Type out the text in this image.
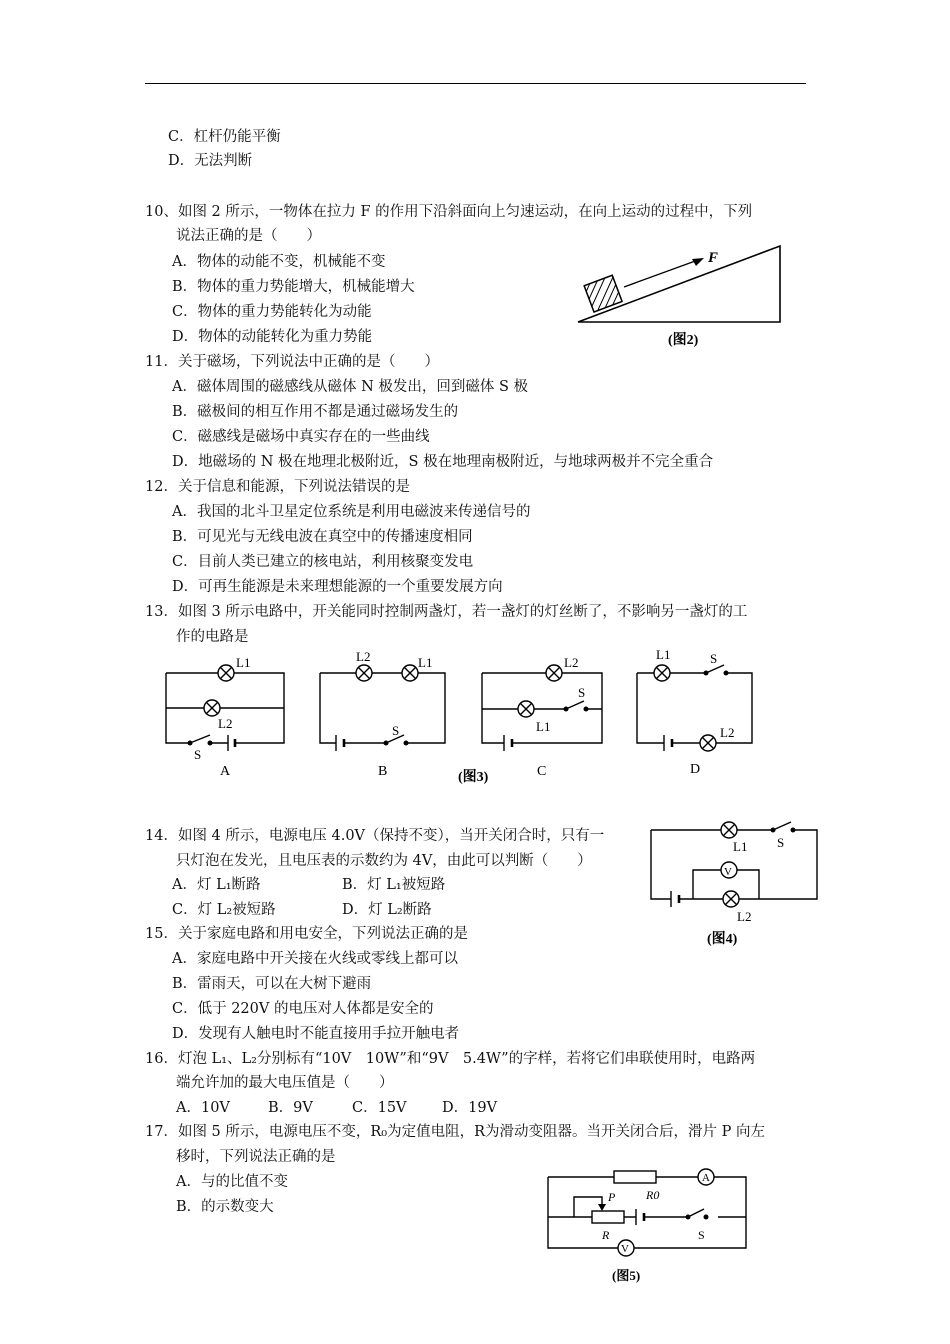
C．杠杆仍能平衡
D．无法判断
10、如图 2 所示，一物体在拉力 F 的作用下沿斜面向上匀速运动，在向上运动的过程中，下列
说法正确的是（　　）
A．物体的动能不变，机械能不变
B．物体的重力势能增大，机械能增大
C．物体的重力势能转化为动能
D．物体的动能转化为重力势能
F
(图2)
11．关于磁场，下列说法中正确的是（　　）
A．磁体周围的磁感线从磁体 N 极发出，回到磁体 S 极
B．磁极间的相互作用不都是通过磁场发生的
C．磁感线是磁场中真实存在的一些曲线
D．地磁场的 N 极在地理北极附近，S 极在地理南极附近，与地球两极并不完全重合
12．关于信息和能源，下列说法错误的是
A．我国的北斗卫星定位系统是利用电磁波来传递信号的
B．可见光与无线电波在真空中的传播速度相同
C．目前人类已建立的核电站，利用核聚变发电
D．可再生能源是未来理想能源的一个重要发展方向
13．如图 3 所示电路中，开关能同时控制两盏灯，若一盏灯的灯丝断了，不影响另一盏灯的工
作的电路是
L1
L2
S
A
L2	L1
S
B
L2
S
L1
C
L1	S
L2
D
(图3)
14．如图 4 所示，电源电压 4.0V（保持不变），当开关闭合时，只有一
只灯泡在发光，且电压表的示数约为 4V，由此可以判断（　　）
A．灯 L₁断路	B．灯 L₁被短路
C．灯 L₂被短路	D．灯 L₂断路
V
L1 S
L2
(图4)
15．关于家庭电路和用电安全，下列说法正确的是
A．家庭电路中开关接在火线或零线上都可以
B．雷雨天，可以在大树下避雨
C．低于 220V 的电压对人体都是安全的
D．发现有人触电时不能直接用手拉开触电者
16．灯泡 L₁、L₂分别标有“10V　10W”和“9V　5.4W”的字样，若将它们串联使用时，电路两
端允许加的最大电压值是（　　）
A．10V	B．9V	C．15V D．19V
17．如图 5 所示，电源电压不变，R₀为定值电阻，R为滑动变阻器。当开关闭合后，滑片 P 向左
移时，下列说法正确的是
A．与的比值不变
B．的示数变大
A
V
R0
P
R	S
(图5)
